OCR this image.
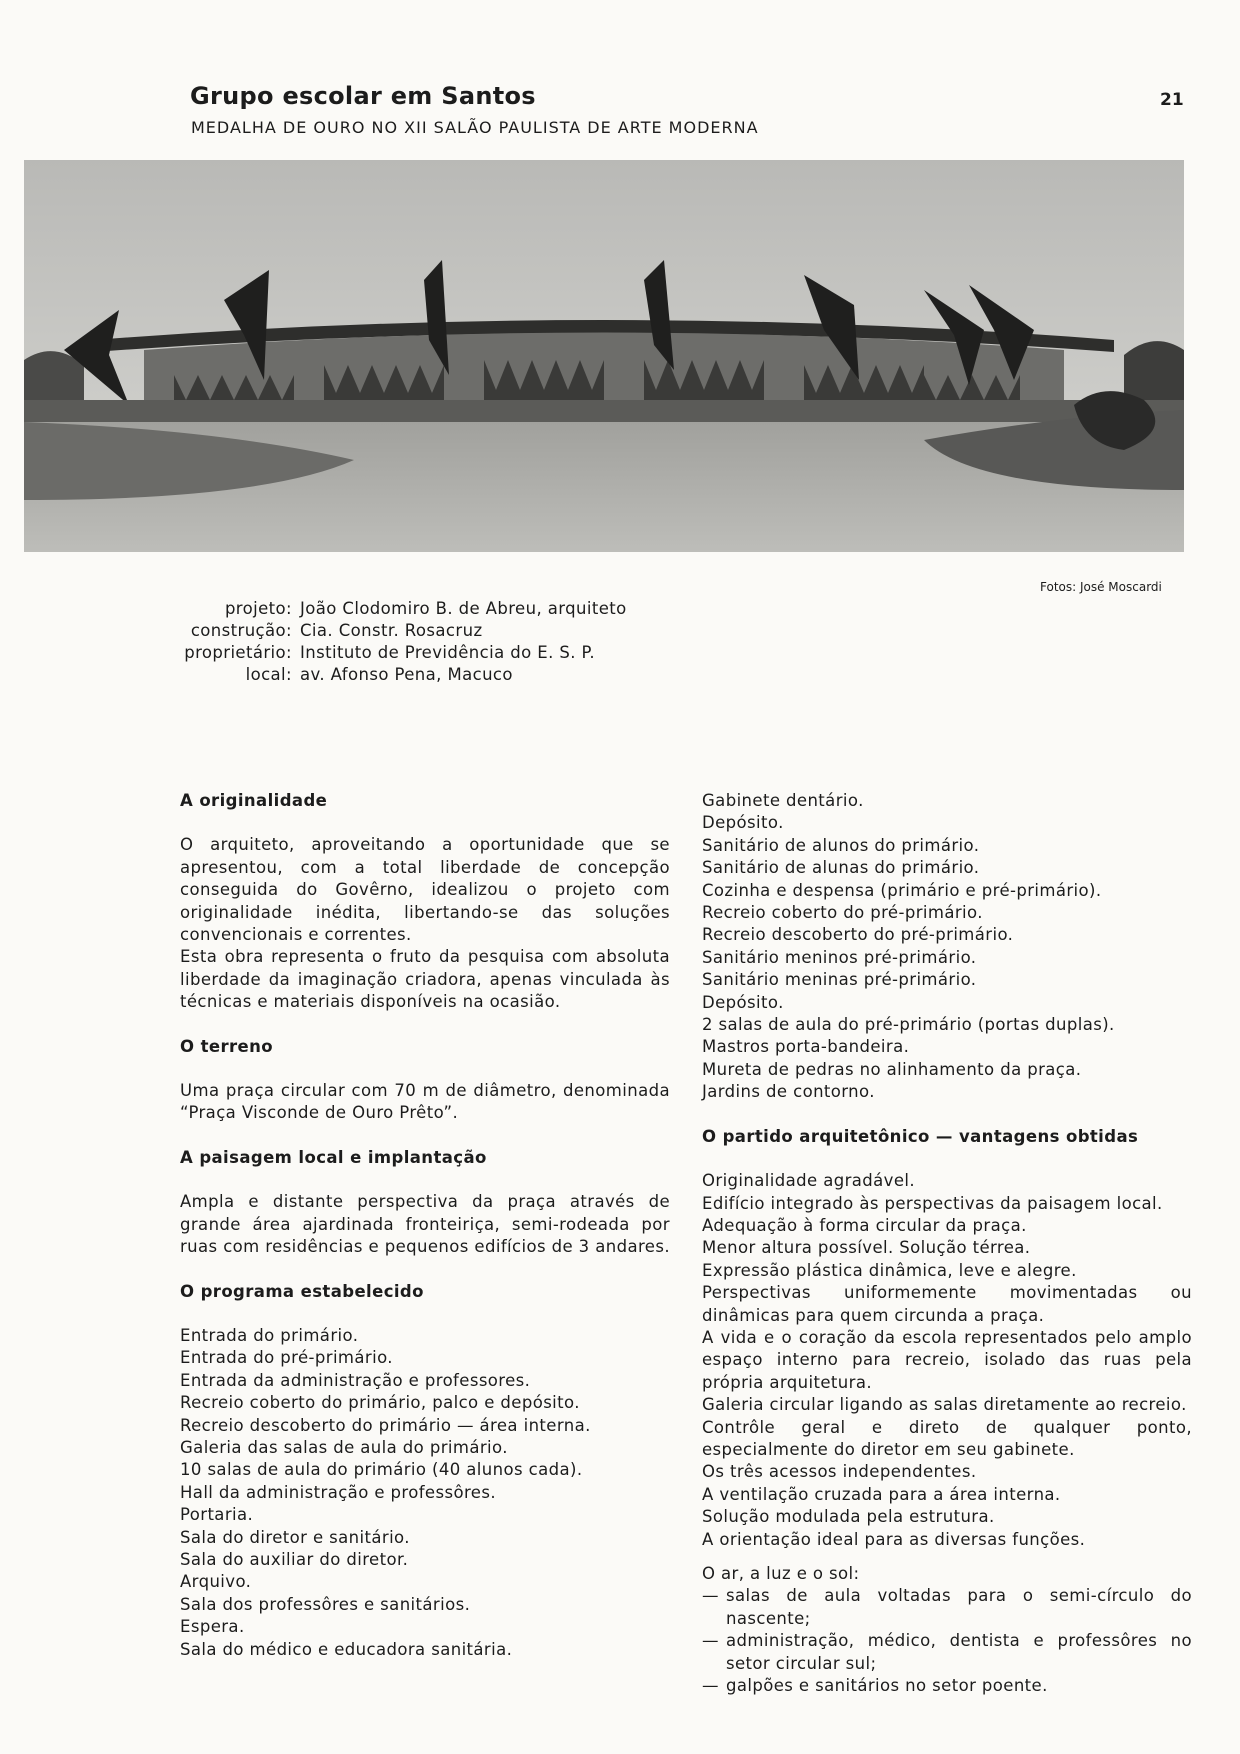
Grupo escolar em Santos
MEDALHA DE OURO NO XII SALÃO PAULISTA DE ARTE MODERNA
21
Fotos: José Moscardi
projeto: João Clodomiro B. de Abreu, arquiteto
construção: Cia. Constr. Rosacruz
proprietário: Instituto de Previdência do E. S. P.
local: av. Afonso Pena, Macuco

A originalidade

O arquiteto, aproveitando a oportunidade que se apresentou, com a total liberdade de concepção conseguida do Govêrno, idealizou o projeto com originalidade inédita, libertando-se das soluções convencionais e correntes.

Esta obra representa o fruto da pesquisa com absoluta liberdade da imaginação criadora, apenas vinculada às técnicas e materiais disponíveis na ocasião.

O terreno

Uma praça circular com 70 m de diâmetro, denominada “Praça Visconde de Ouro Prêto”.

A paisagem local e implantação

Ampla e distante perspectiva da praça através de grande área ajardinada fronteiriça, semi-rodeada por ruas com residências e pequenos edifícios de 3 andares.

O programa estabelecido

Entrada do primário.
Entrada do pré-primário.
Entrada da administração e professores.
Recreio coberto do primário, palco e depósito.
Recreio descoberto do primário — área interna.
Galeria das salas de aula do primário.
10 salas de aula do primário (40 alunos cada).
Hall da administração e professôres.
Portaria.
Sala do diretor e sanitário.
Sala do auxiliar do diretor.
Arquivo.
Sala dos professôres e sanitários.
Espera.
Sala do médico e educadora sanitária.
Gabinete dentário.
Depósito.
Sanitário de alunos do primário.
Sanitário de alunas do primário.
Cozinha e despensa (primário e pré-primário).
Recreio coberto do pré-primário.
Recreio descoberto do pré-primário.
Sanitário meninos pré-primário.
Sanitário meninas pré-primário.
Depósito.
2 salas de aula do pré-primário (portas duplas).
Mastros porta-bandeira.
Mureta de pedras no alinhamento da praça.
Jardins de contorno.

O partido arquitetônico — vantagens obtidas

Originalidade agradável.
Edifício integrado às perspectivas da paisagem local.
Adequação à forma circular da praça.
Menor altura possível. Solução térrea.
Expressão plástica dinâmica, leve e alegre.
Perspectivas uniformemente movimentadas ou dinâmicas para quem circunda a praça.
A vida e o coração da escola representados pelo amplo espaço interno para recreio, isolado das ruas pela própria arquitetura.
Galeria circular ligando as salas diretamente ao recreio.
Contrôle geral e direto de qualquer ponto, especialmente do diretor em seu gabinete.
Os três acessos independentes.
A ventilação cruzada para a área interna.
Solução modulada pela estrutura.
A orientação ideal para as diversas funções.

O ar, a luz e o sol:

— salas de aula voltadas para o semi-círculo do nascente;
— administração, médico, dentista e professôres no setor circular sul;
— galpões e sanitários no setor poente.
